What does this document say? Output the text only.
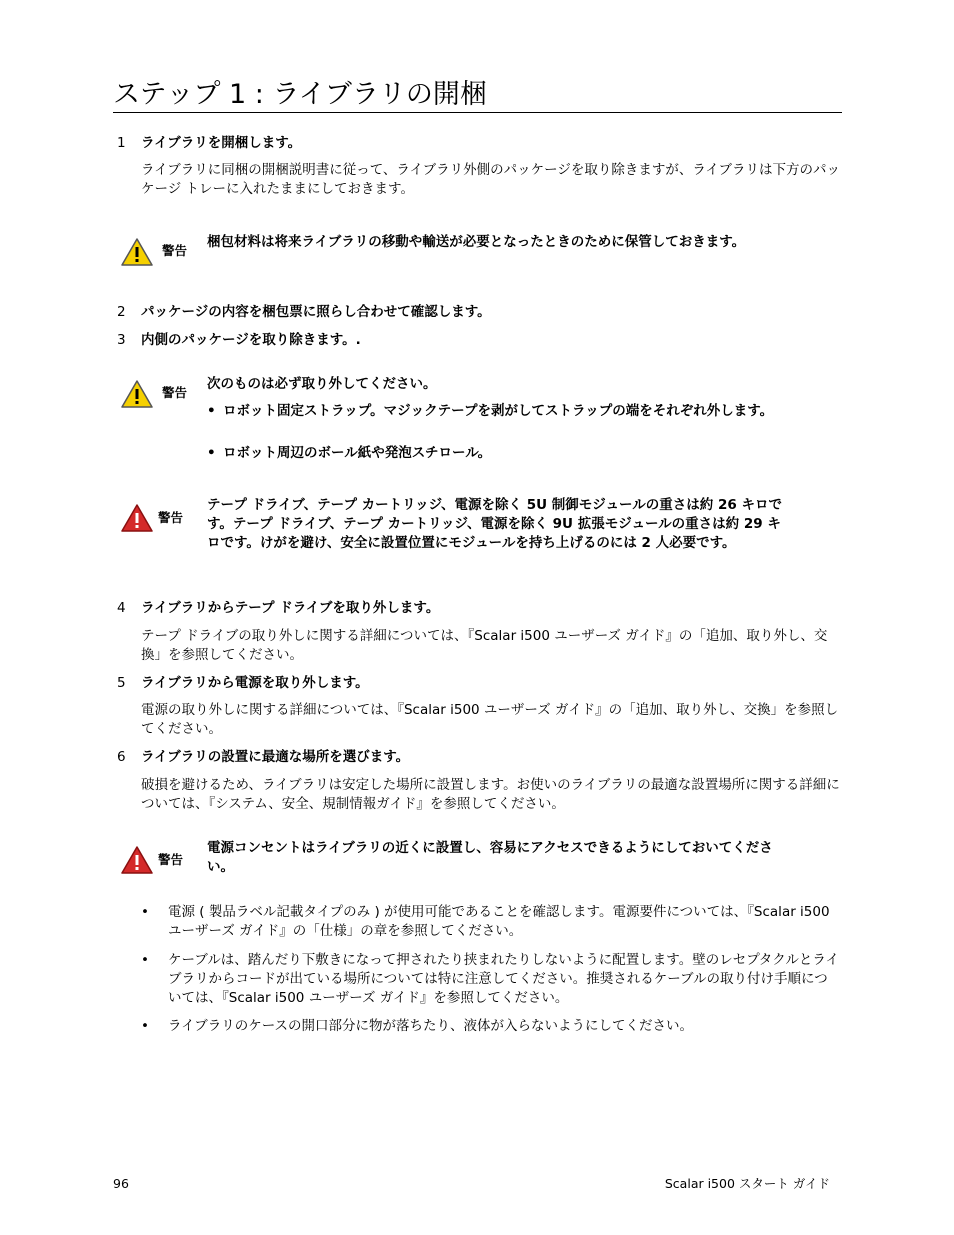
ステップ 1 : ライブラリの開梱
1 ライブラリを開梱します。
ライブラリに同梱の開梱説明書に従って、ライブラリ外側のパッケージを取り除きますが、ライブラリは下方のパッケージ トレーに入れたままにしておきます。
警告
梱包材料は将来ライブラリの移動や輸送が必要となったときのために保管しておきます。
2 パッケージの内容を梱包票に照らし合わせて確認します。
3 内側のパッケージを取り除きます。.
警告
次のものは必ず取り外してください。
• ロボット固定ストラップ。マジックテープを剥がしてストラップの端をそれぞれ外します。
• ロボット周辺のボール紙や発泡スチロール。
警告
テープ ドライブ、テープ カートリッジ、電源を除く 5U 制御モジュールの重さは約 26 キロです。テープ ドライブ、テープ カートリッジ、電源を除く 9U 拡張モジュールの重さは約 29 キロです。けがを避け、安全に設置位置にモジュールを持ち上げるのには 2 人必要です。
4 ライブラリからテープ ドライブを取り外します。
テープ ドライブの取り外しに関する詳細については、『Scalar i500 ユーザーズ ガイド』の「追加、取り外し、交換」を参照してください。
5 ライブラリから電源を取り外します。
電源の取り外しに関する詳細については、『Scalar i500 ユーザーズ ガイド』の「追加、取り外し、交換」を参照してください。
6 ライブラリの設置に最適な場所を選びます。
破損を避けるため、ライブラリは安定した場所に設置します。お使いのライブラリの最適な設置場所に関する詳細については、『システム、安全、規制情報ガイド』を参照してください。
警告
電源コンセントはライブラリの近くに設置し、容易にアクセスできるようにしておいてください。
• 電源 ( 製品ラベル記載タイプのみ ) が使用可能であることを確認します。電源要件については、『Scalar i500 ユーザーズ ガイド』の「仕様」の章を参照してください。
• ケーブルは、踏んだり下敷きになって押されたり挟まれたりしないように配置します。壁のレセプタクルとライブラリからコードが出ている場所については特に注意してください。推奨されるケーブルの取り付け手順については、『Scalar i500 ユーザーズ ガイド』を参照してください。
• ライブラリのケースの開口部分に物が落ちたり、液体が入らないようにしてください。
96	Scalar i500 スタート ガイド
